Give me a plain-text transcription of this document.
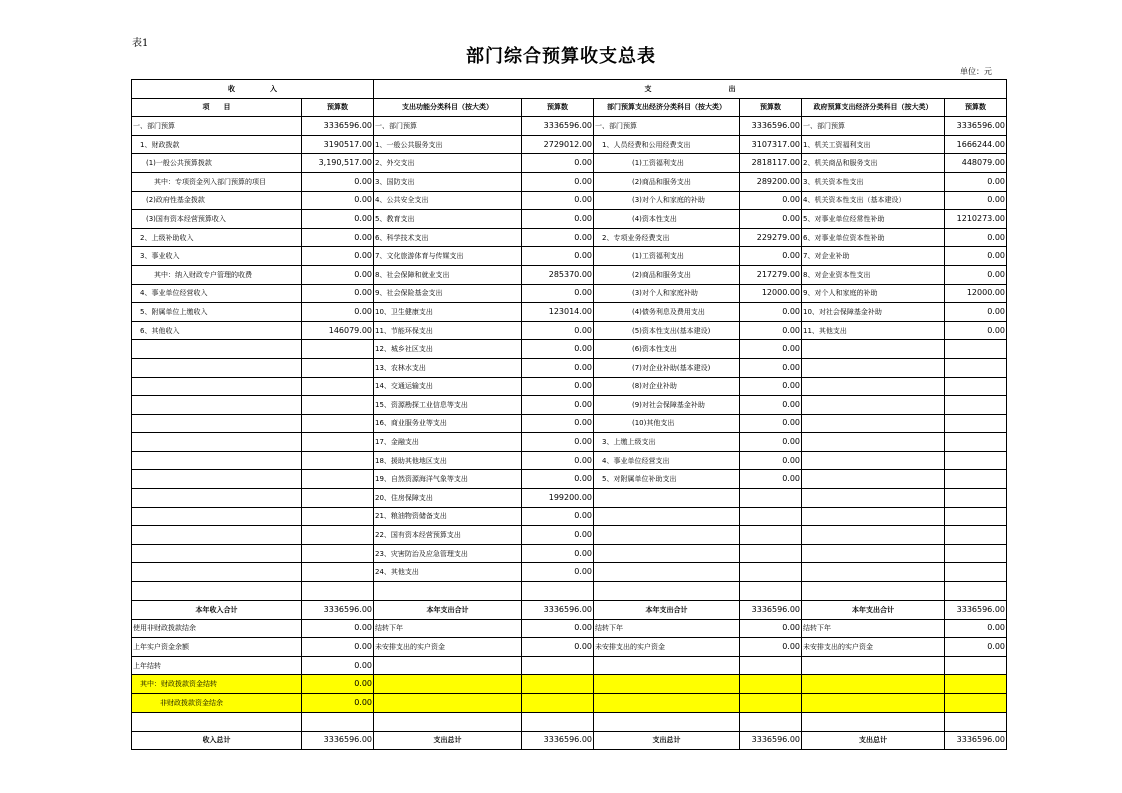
表1
部门综合预算收支总表
单位：元
收　　　　　入		支　　　　　　　　　　　出					
项　　目	预算数	支出功能分类科目（按大类）	预算数	部门预算支出经济分类科目（按大类）	预算数	政府预算支出经济分类科目（按大类）	预算数
一、部门预算	3336596.00	一、部门预算	3336596.00	一、部门预算	3336596.00	一、部门预算	3336596.00
1、财政拨款	3190517.00	1、一般公共服务支出	2729012.00	1、人员经费和公用经费支出	3107317.00	1、机关工资福利支出	1666244.00
(1)一般公共预算拨款	3,190,517.00	2、外交支出	0.00	(1)工资福利支出	2818117.00	2、机关商品和服务支出	448079.00
其中：专项资金列入部门预算的项目	0.00	3、国防支出	0.00	(2)商品和服务支出	289200.00	3、机关资本性支出	0.00
(2)政府性基金拨款	0.00	4、公共安全支出	0.00	(3)对个人和家庭的补助	0.00	4、机关资本性支出（基本建设）	0.00
(3)国有资本经营预算收入	0.00	5、教育支出	0.00	(4)资本性支出	0.00	5、对事业单位经常性补助	1210273.00
2、上级补助收入	0.00	6、科学技术支出	0.00	2、专项业务经费支出	229279.00	6、对事业单位资本性补助	0.00
3、事业收入	0.00	7、文化旅游体育与传媒支出	0.00	(1)工资福利支出	0.00	7、对企业补助	0.00
其中：纳入财政专户管理的收费	0.00	8、社会保障和就业支出	285370.00	(2)商品和服务支出	217279.00	8、对企业资本性支出	0.00
4、事业单位经营收入	0.00	9、社会保险基金支出	0.00	(3)对个人和家庭补助	12000.00	9、对个人和家庭的补助	12000.00
5、附属单位上缴收入	0.00	10、卫生健康支出	123014.00	(4)债务利息及费用支出	0.00	10、对社会保障基金补助	0.00
6、其他收入	146079.00	11、节能环保支出	0.00	(5)资本性支出(基本建设)	0.00	11、其他支出	0.00
		12、城乡社区支出	0.00	(6)资本性支出	0.00		
		13、农林水支出	0.00	(7)对企业补助(基本建设)	0.00		
		14、交通运输支出	0.00	(8)对企业补助	0.00		
		15、资源勘探工业信息等支出	0.00	(9)对社会保障基金补助	0.00		
		16、商业服务业等支出	0.00	(10)其他支出	0.00		
		17、金融支出	0.00	3、上缴上级支出	0.00		
		18、援助其他地区支出	0.00	4、事业单位经营支出	0.00		
		19、自然资源海洋气象等支出	0.00	5、对附属单位补助支出	0.00		
		20、住房保障支出	199200.00				
		21、粮油物资储备支出	0.00				
		22、国有资本经营预算支出	0.00				
		23、灾害防治及应急管理支出	0.00				
		24、其他支出	0.00				

本年收入合计	3336596.00	本年支出合计	3336596.00	本年支出合计	3336596.00	本年支出合计	3336596.00
使用非财政拨款结余	0.00	结转下年	0.00	结转下年	0.00	结转下年	0.00
上年实户资金余额	0.00	未安排支出的实户资金	0.00	未安排支出的实户资金	0.00	未安排支出的实户资金	0.00
上年结转	0.00						
其中：财政拨款资金结转	0.00						
非财政拨款资金结余	0.00						

收入总计	3336596.00	支出总计	3336596.00	支出总计	3336596.00	支出总计	3336596.00
